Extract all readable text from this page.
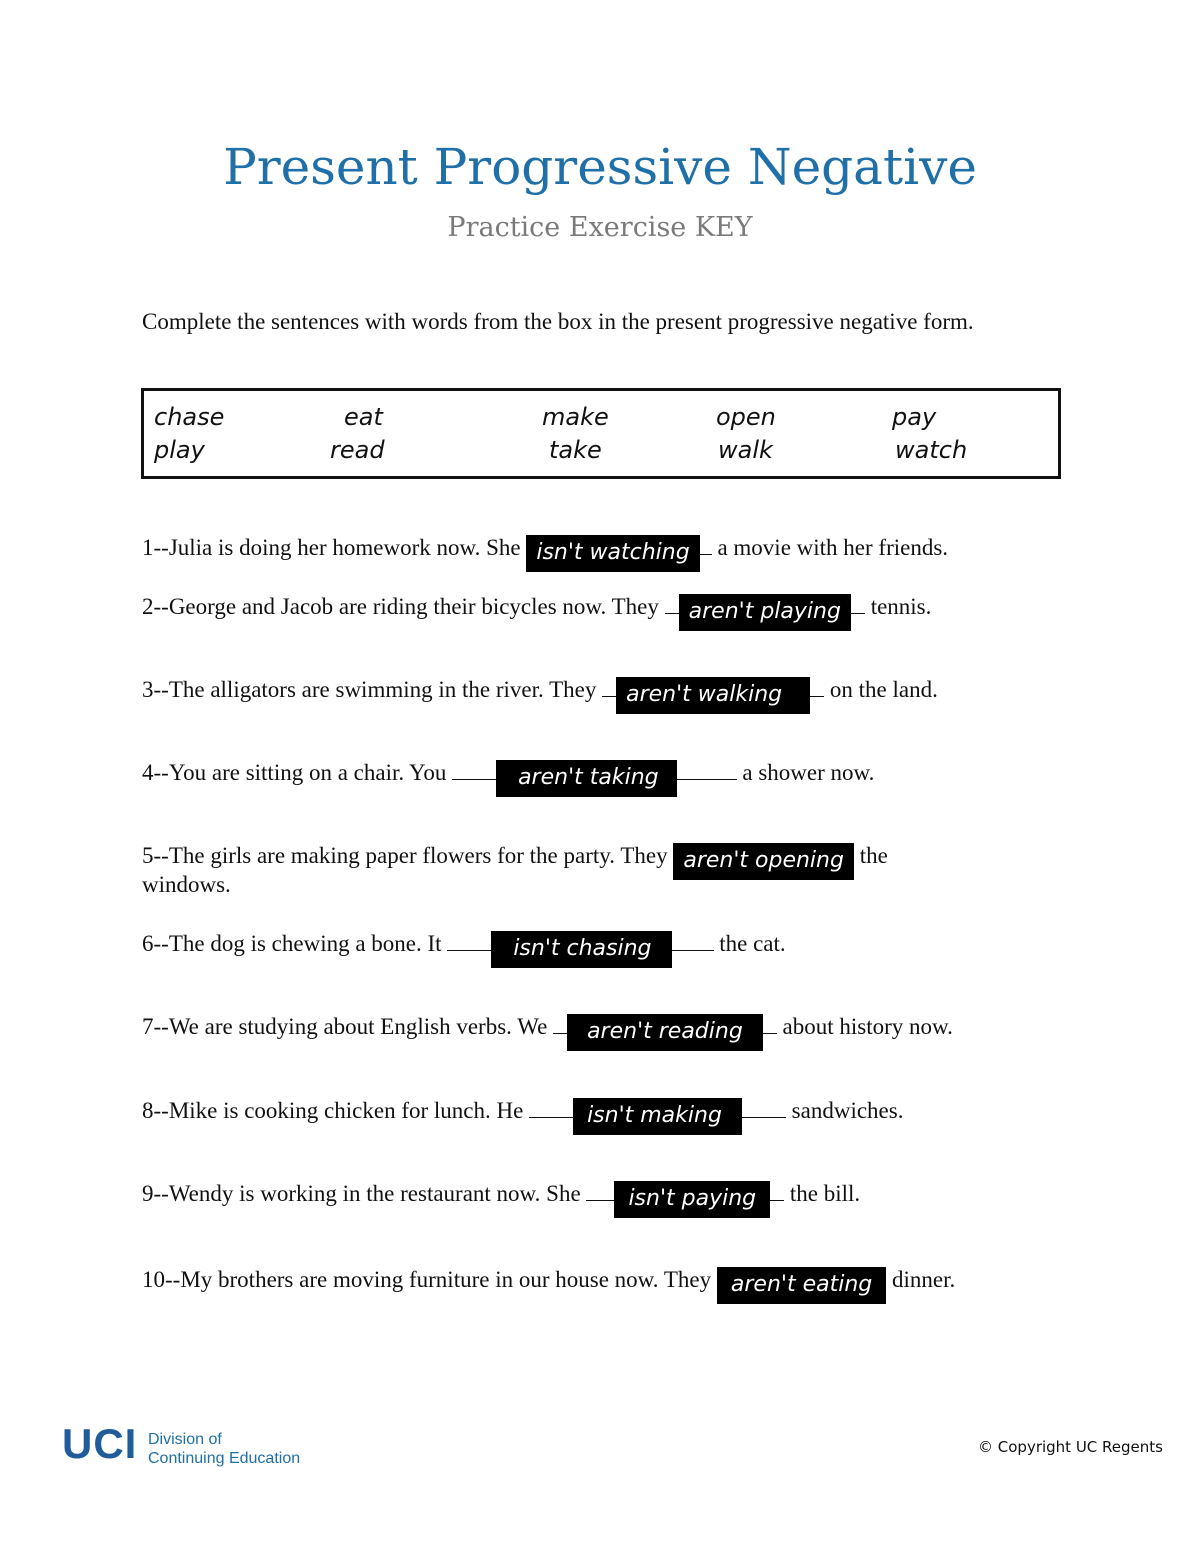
Present Progressive Negative
Practice Exercise KEY
Complete the sentences with words from the box in the present progressive negative form.
chase	eat	make	open	pay
play	read	take	walk	watch
1--Julia is doing her homework now. She isn't watching a movie with her friends.
2--George and Jacob are riding their bicycles now. They aren't playing tennis.
3--The alligators are swimming in the river. They aren't walking on the land.
4--You are sitting on a chair. You	aren't taking	a shower now.
5--The girls are making paper flowers for the party. They aren't opening the
windows.
6--The dog is chewing a bone. It	isn't chasing	the cat.
7--We are studying about English verbs. We aren't reading about history now.
8--Mike is cooking chicken for lunch. He	isn't making	sandwiches.
9--Wendy is working in the restaurant now. She isn't paying the bill.
10--My brothers are moving furniture in our house now. They aren't eating dinner.
UCI Division of
Continuing Education
© Copyright UC Regents
